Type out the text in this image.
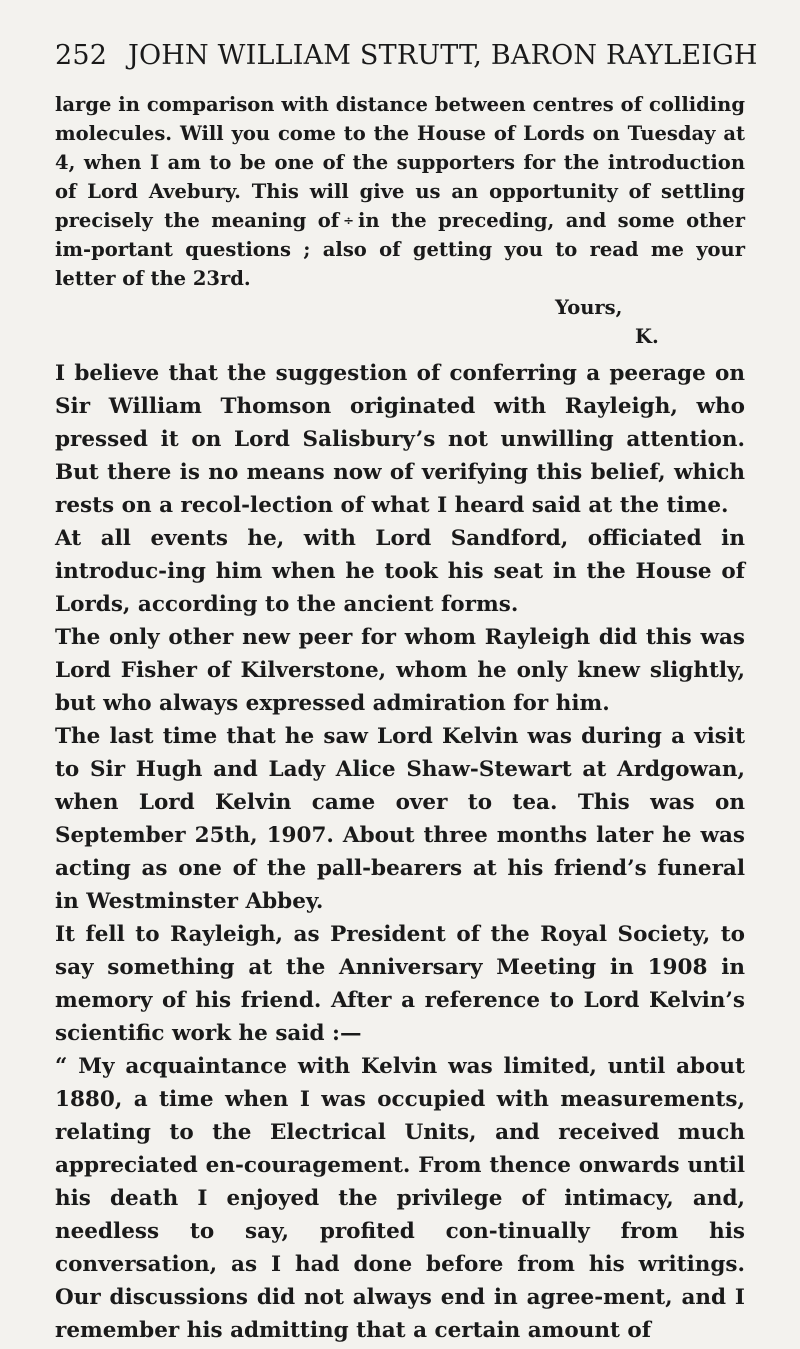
252 JOHN WILLIAM STRUTT, BARON RAYLEIGH

large in comparison with distance between centres of colliding molecules. Will you come to the House of Lords on Tuesday at 4, when I am to be one of the supporters for the introduction of Lord Avebury. This will give us an opportunity of settling precisely the meaning of ÷ in the preceding, and some other im-portant questions ; also of getting you to read me your letter of the 23rd.

Yours,
K.

I believe that the suggestion of conferring a peerage on Sir William Thomson originated with Rayleigh, who pressed it on Lord Salisbury’s not unwilling attention. But there is no means now of verifying this belief, which rests on a recol-lection of what I heard said at the time.

At all events he, with Lord Sandford, officiated in introduc-ing him when he took his seat in the House of Lords, according to the ancient forms.

The only other new peer for whom Rayleigh did this was Lord Fisher of Kilverstone, whom he only knew slightly, but who always expressed admiration for him.

The last time that he saw Lord Kelvin was during a visit to Sir Hugh and Lady Alice Shaw-Stewart at Ardgowan, when Lord Kelvin came over to tea. This was on September 25th, 1907. About three months later he was acting as one of the pall-bearers at his friend’s funeral in Westminster Abbey.

It fell to Rayleigh, as President of the Royal Society, to say something at the Anniversary Meeting in 1908 in memory of his friend. After a reference to Lord Kelvin’s scientific work he said :—

“ My acquaintance with Kelvin was limited, until about 1880, a time when I was occupied with measurements, relating to the Electrical Units, and received much appreciated en-couragement. From thence onwards until his death I enjoyed the privilege of intimacy, and, needless to say, profited con-tinually from his conversation, as I had done before from his writings. Our discussions did not always end in agree-ment, and I remember his admitting that a certain amount of
